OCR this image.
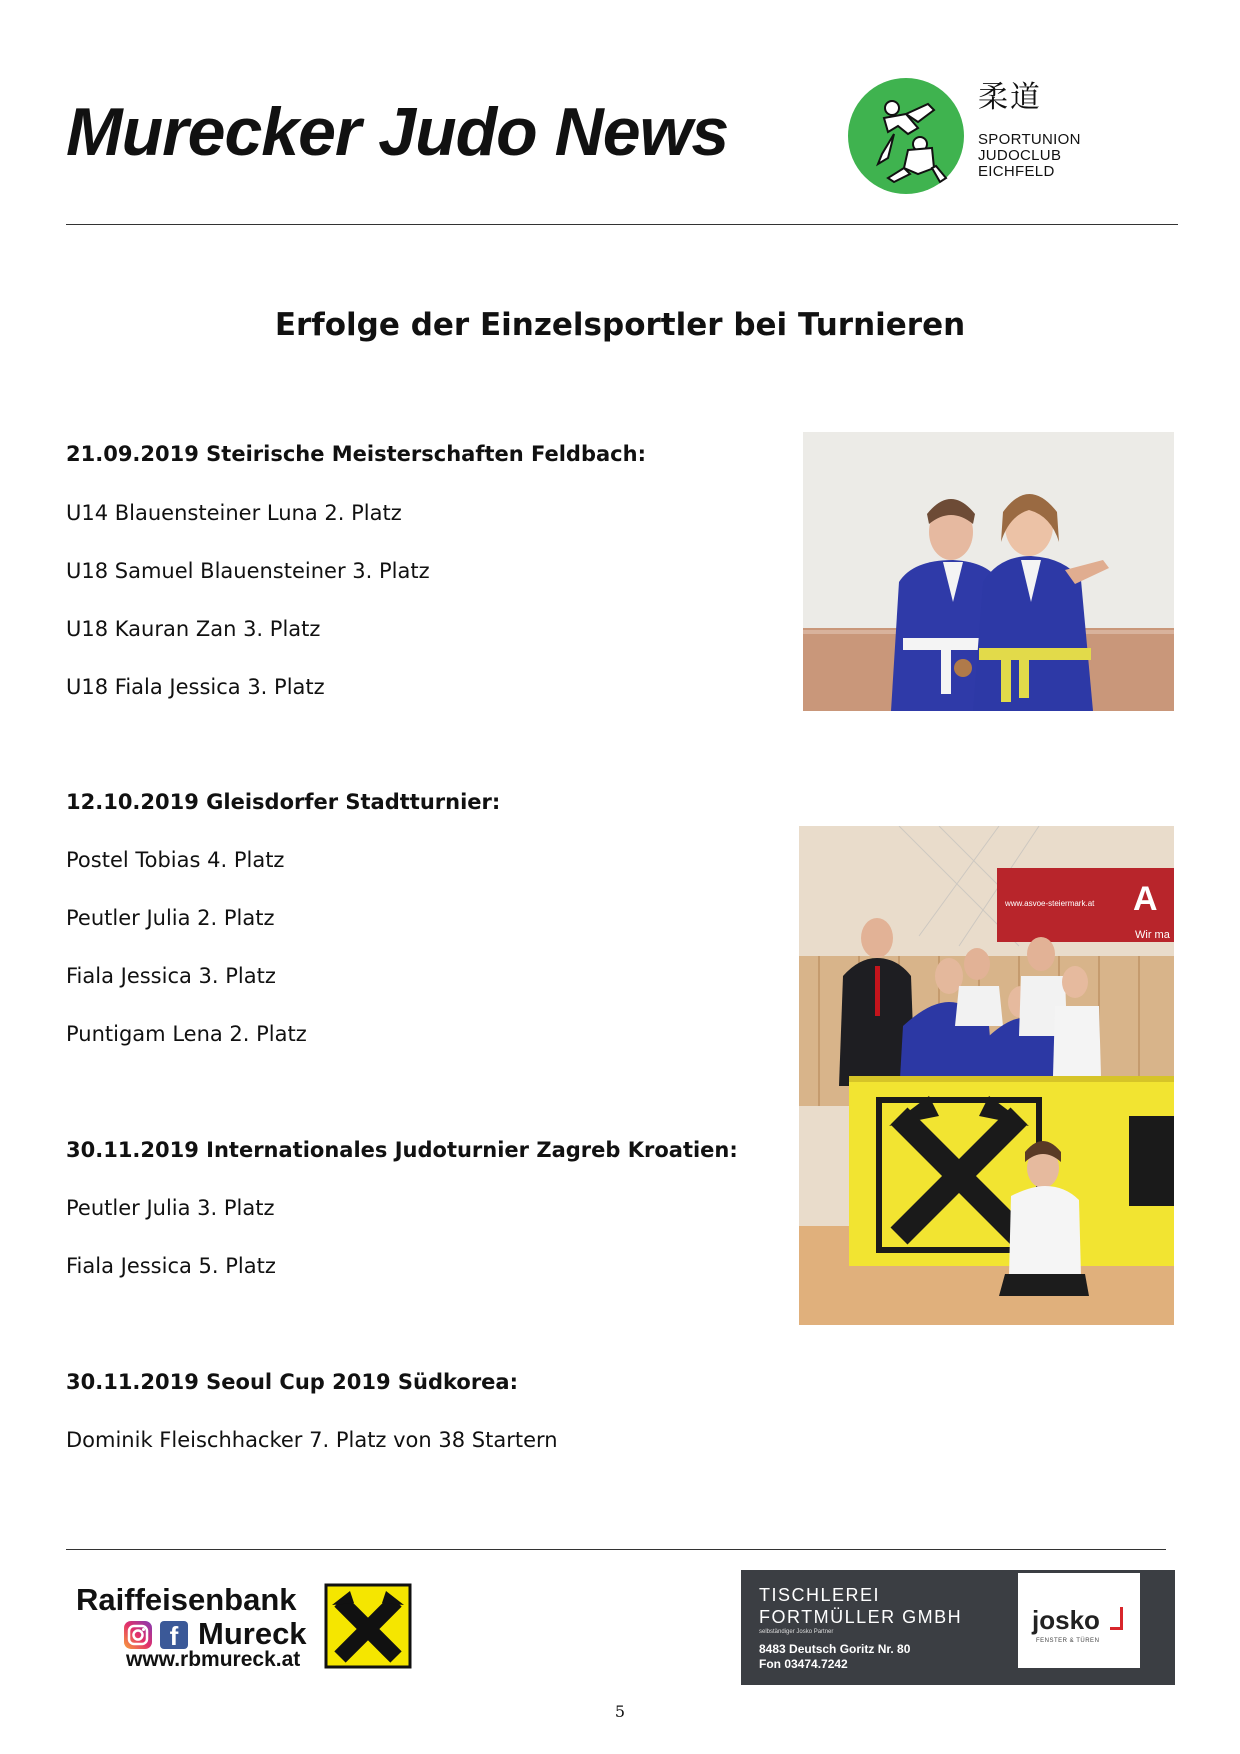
Murecker Judo News	柔道
SPORTUNION
JUDOCLUB
EICHFELD
Erfolge der Einzelsportler bei Turnieren
21.09.2019 Steirische Meisterschaften Feldbach:
U14 Blauensteiner Luna 2. Platz
U18 Samuel Blauensteiner 3. Platz
U18 Kauran Zan 3. Platz
U18 Fiala Jessica 3. Platz
12.10.2019 Gleisdorfer Stadtturnier:
Postel Tobias 4. Platz
Peutler Julia 2. Platz
Fiala Jessica 3. Platz
Puntigam Lena 2. Platz
30.11.2019 Internationales Judoturnier Zagreb Kroatien:
Peutler Julia 3. Platz
Fiala Jessica 5. Platz
30.11.2019 Seoul Cup 2019 Südkorea:
Dominik Fleischhacker 7. Platz von 38 Startern
www.asvoe-steiermark.at A
Wir ma
Raiffeisenbank
f Mureck
www.rbmureck.at
TISCHLEREI
FORTMÜLLER GMBH
selbständiger Josko Partner
8483 Deutsch Goritz Nr. 80
Fon 03474.7242
josko
FENSTER & TÜREN
5
